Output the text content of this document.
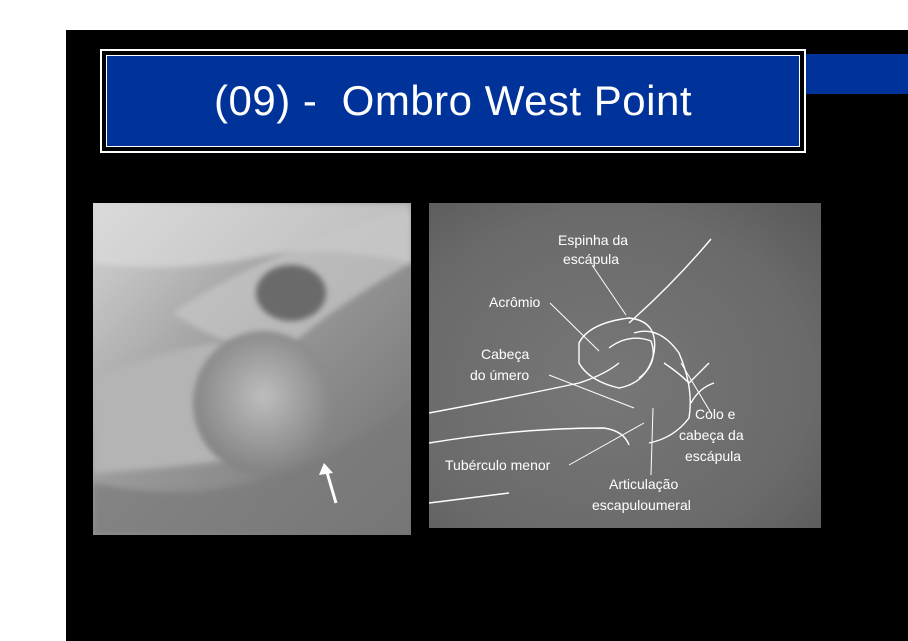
(09) -  Ombro West Point
Espinha da
escápula
Acrômio
Cabeça
do úmero
Tubérculo menor
Articulação
escapuloumeral
Colo e
cabeça da
escápula
